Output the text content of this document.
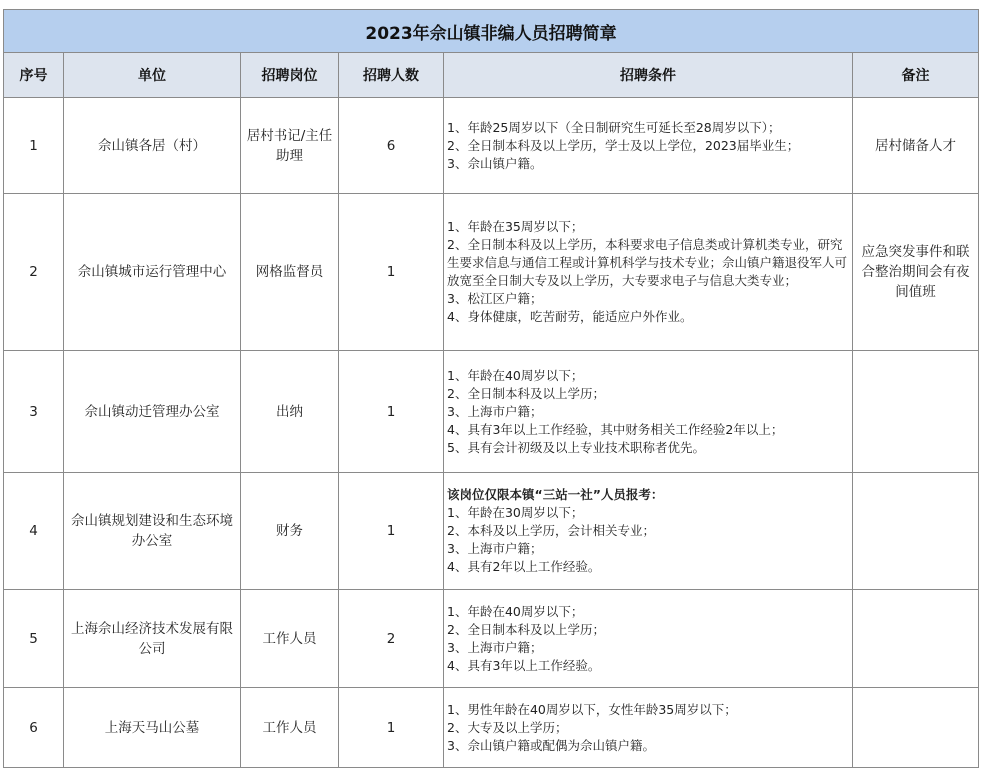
2023年佘山镇非编人员招聘简章					
序号	单位	招聘岗位	招聘人数	招聘条件	备注
1	佘山镇各居（村）	居村书记/主任助理	6	1、年龄25周岁以下（全日制研究生可延长至28周岁以下）；
2、全日制本科及以上学历，学士及以上学位，2023届毕业生；
3、佘山镇户籍。	居村储备人才
2	佘山镇城市运行管理中心	网格监督员	1	1、年龄在35周岁以下；
2、全日制本科及以上学历，本科要求电子信息类或计算机类专业，研究生要求信息与通信工程或计算机科学与技术专业；佘山镇户籍退役军人可放宽至全日制大专及以上学历，大专要求电子与信息大类专业；
3、松江区户籍；
4、身体健康，吃苦耐劳，能适应户外作业。	应急突发事件和联合整治期间会有夜间值班
3	佘山镇动迁管理办公室	出纳	1	1、年龄在40周岁以下；
2、全日制本科及以上学历；
3、上海市户籍；
4、具有3年以上工作经验，其中财务相关工作经验2年以上；
5、具有会计初级及以上专业技术职称者优先。	

4	佘山镇规划建设和生态环境办公室	财务	1	该岗位仅限本镇“三站一社”人员报考：
1、年龄在30周岁以下；
2、本科及以上学历，会计相关专业；
3、上海市户籍；
4、具有2年以上工作经验。	

5	上海佘山经济技术发展有限公司	工作人员	2	1、年龄在40周岁以下；
2、全日制本科及以上学历；
3、上海市户籍；
4、具有3年以上工作经验。	

6	上海天马山公墓	工作人员	1	1、男性年龄在40周岁以下，女性年龄35周岁以下；
2、大专及以上学历；
3、佘山镇户籍或配偶为佘山镇户籍。	
